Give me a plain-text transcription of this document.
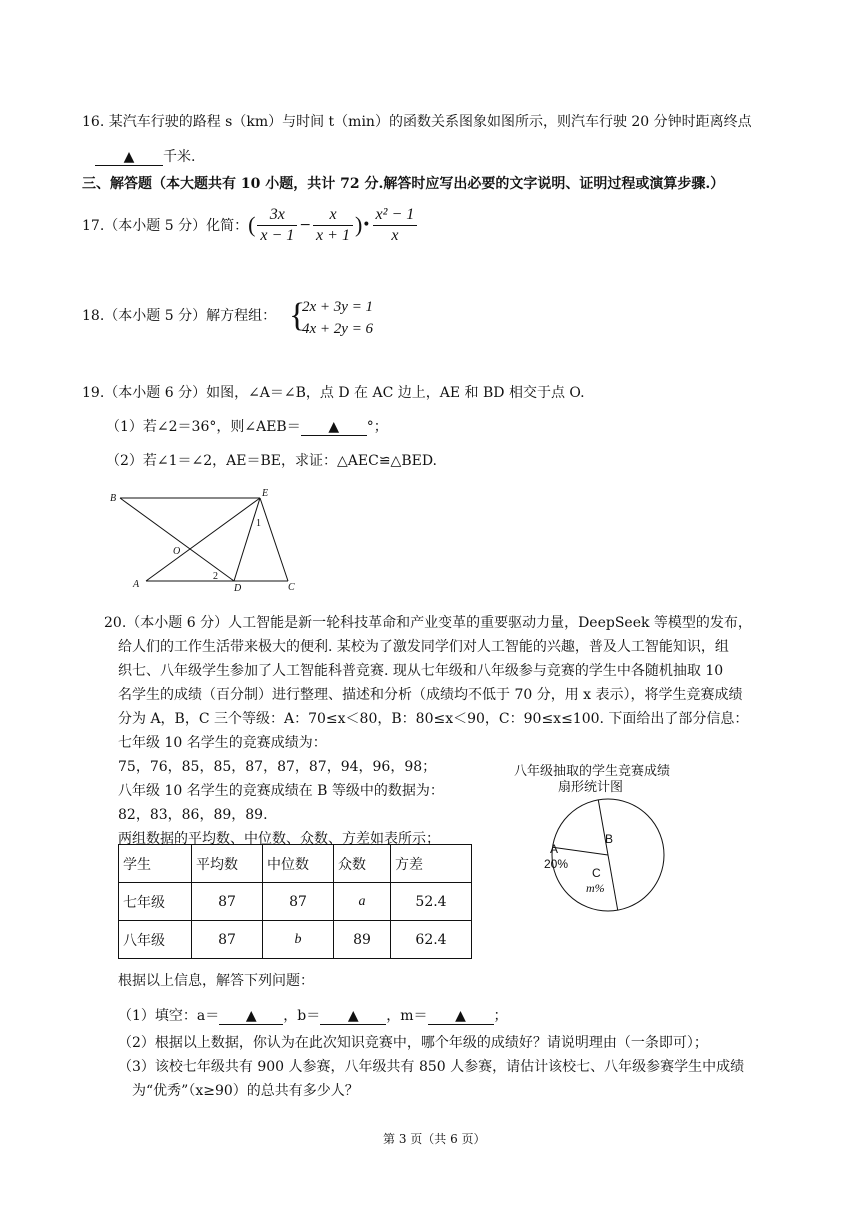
16. 某汽车行驶的路程 s（km）与时间 t（min）的函数关系图象如图所示，则汽车行驶 20 分钟时距离终点
▲ 千米.
三、解答题（本大题共有 10 小题，共计 72 分.解答时应写出必要的文字说明、证明过程或演算步骤.）
17.（本小题 5 分）化简： ( $\frac{3x}{x - 1} - \frac{x}{x + 1}$ ) • $\frac{\text{x² − 1}}{x}$
18.（本小题 5 分）解方程组： {
2x + 3y = 1
4x + 2y = 6
19.（本小题 6 分）如图，∠A＝∠B，点 D 在 AC 边上，AE 和 BD 相交于点 O.
（1）若∠2＝36°，则∠AEB＝ ▲ °；
（2）若∠1＝∠2，AE＝BE，求证：△AEC≌△BED.
B	E
1
O
A
2
D	C
20.（本小题 6 分）人工智能是新一轮科技革命和产业变革的重要驱动力量，DeepSeek 等模型的发布，
给人们的工作生活带来极大的便利. 某校为了激发同学们对人工智能的兴趣，普及人工智能知识，组
织七、八年级学生参加了人工智能科普竞赛. 现从七年级和八年级参与竞赛的学生中各随机抽取 10
名学生的成绩（百分制）进行整理、描述和分析（成绩均不低于 70 分，用 x 表示），将学生竞赛成绩
分为 A，B，C 三个等级：A：70≤x＜80，B：80≤x＜90，C：90≤x≤100. 下面给出了部分信息：
七年级 10 名学生的竞赛成绩为：
75，76，85，85，87，87，87，94，96，98；
八年级 10 名学生的竞赛成绩在 B 等级中的数据为：
82，83，86，89，89.
两组数据的平均数、中位数、众数、方差如表所示；
学生	平均数	中位数	众数	方差
七年级	87	87	a	52.4
八年级	87	b	89	62.4
八年级抽取的学生竞赛成绩
扇形统计图
A
20%
B
C
m%
根据以上信息，解答下列问题：
（1）填空：a＝ ▲ ，b＝ ▲ ，m＝ ▲ ；
（2）根据以上数据，你认为在此次知识竞赛中，哪个年级的成绩好？请说明理由（一条即可）；
（3）该校七年级共有 900 人参赛，八年级共有 850 人参赛，请估计该校七、八年级参赛学生中成绩
为“优秀”（x≥90）的总共有多少人？
第 3 页（共 6 页）
